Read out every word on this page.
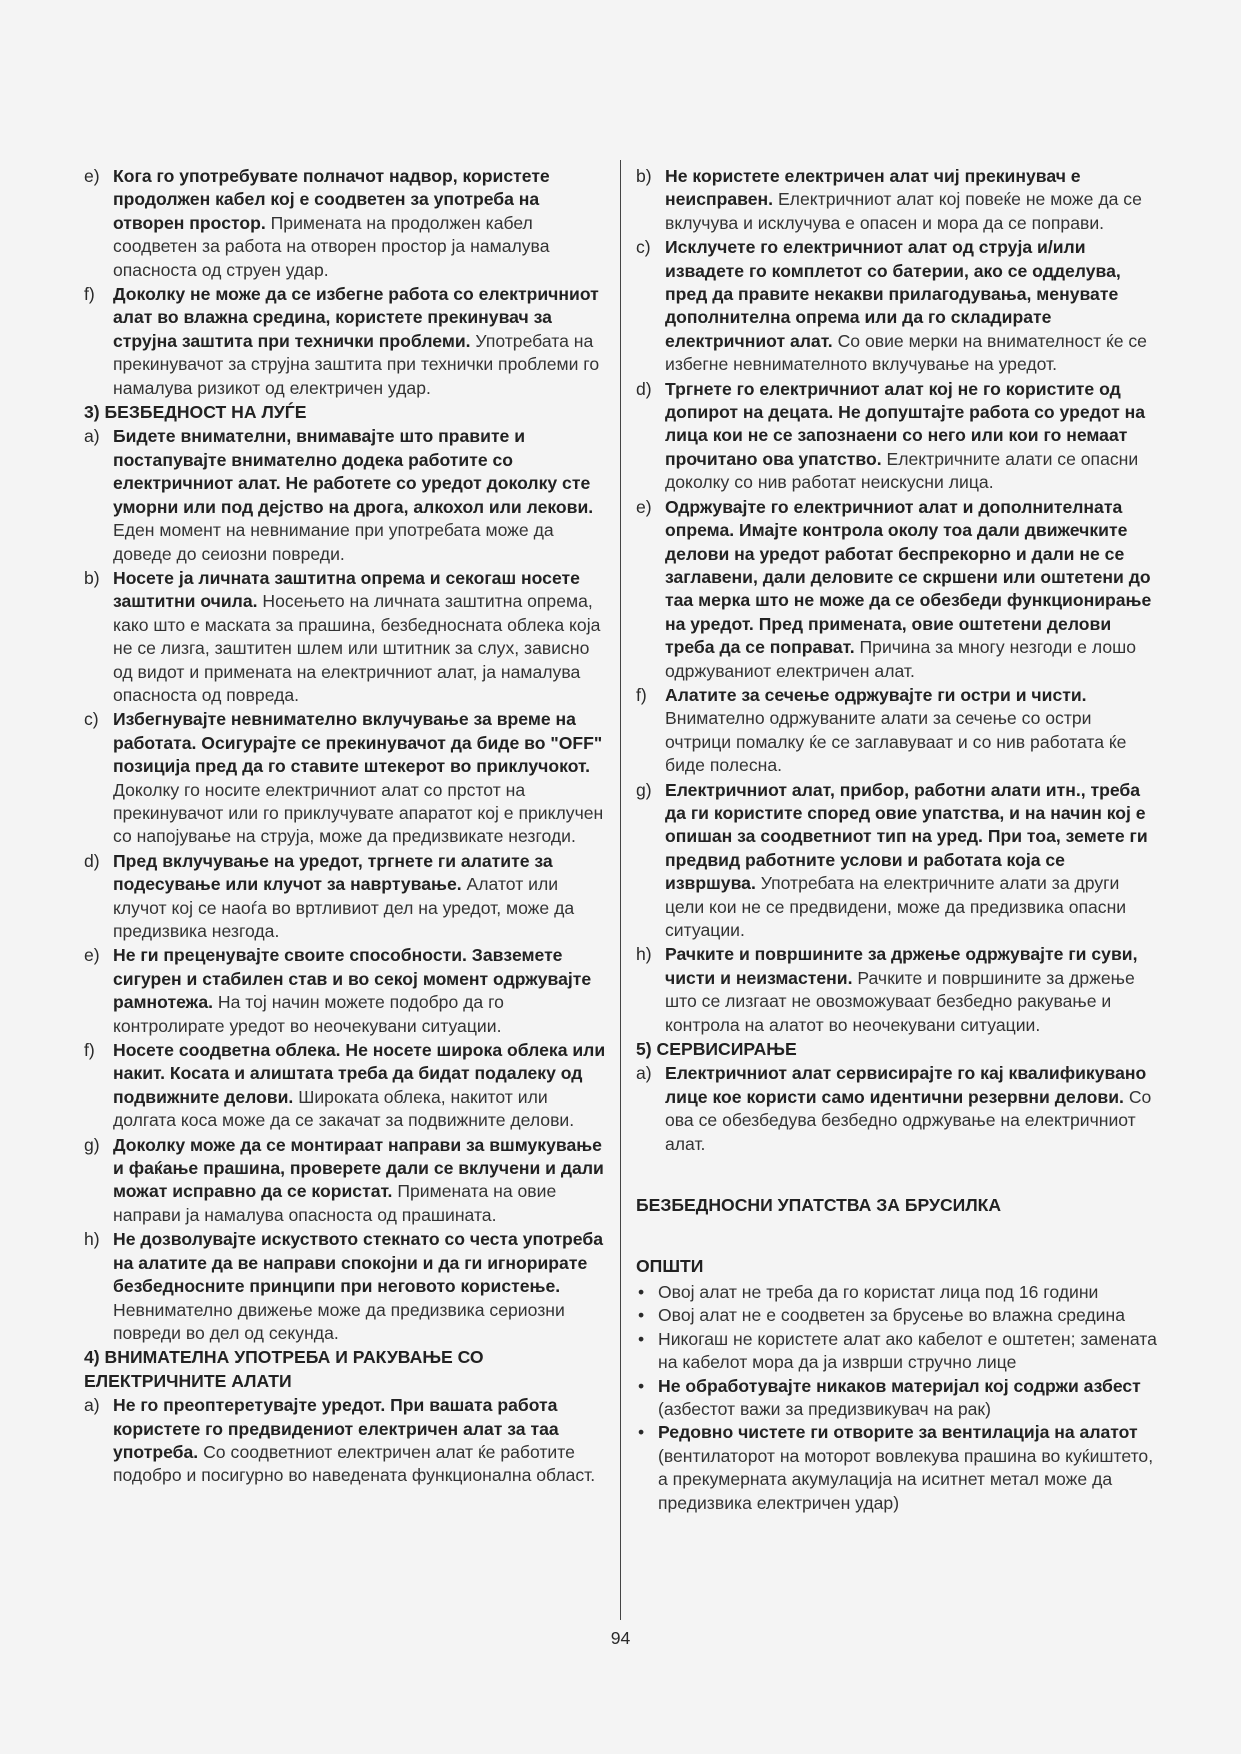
e) Кога го употребувате полначот надвор, користете продолжен кабел кој е соодветен за употреба на отворен простор. Примената на продолжен кабел соодветен за работа на отворен простор ја намалува опасноста од струен удар.
f) Доколку не може да се избегне работа со електричниот алат во влажна средина, користете прекинувач за струјна заштита при технички проблеми. Употребата на прекинувачот за струјна заштита при технички проблеми го намалува ризикот од електричен удар.
3) БЕЗБЕДНОСТ НА ЛУЃЕ
a) Бидете внимателни, внимавајте што правите и постапувајте внимателно додека работите со електричниот алат. Не работете со уредот доколку сте уморни или под дејство на дрога, алкохол или лекови. Еден момент на невнимание при употребата може да доведе до сеиозни повреди.
b) Носете ја личната заштитна опрема и секогаш носете заштитни очила. Носењето на личната заштитна опрема, како што е маската за прашина, безбедносната облека која не се лизга, заштитен шлем или штитник за слух, зависно од видот и примената на електричниот алат, ја намалува опасноста од повреда.
c) Избегнувајте невнимателно вклучување за време на работата. Осигурајте се прекинувачот да биде во "OFF" позиција пред да го ставите штекерот во приклучокот. Доколку го носите електричниот алат со прстот на прекинувачот или го приклучувате апаратот кој е приклучен со напојување на струја, може да предизвикате незгоди.
d) Пред вклучување на уредот, тргнете ги алатите за подесување или клучот за навртување. Алатот или клучот кој се наоѓа во вртливиот дел на уредот, може да предизвика незгода.
e) Не ги преценувајте своите способности. Завземете сигурен и стабилен став и во секој момент одржувајте рамнотежа. На тој начин можете подобро да го контролирате уредот во неочекувани ситуации.
f) Носете соодветна облека. Не носете широка облека или накит. Косата и алиштата треба да бидат подалеку од подвижните делови. Широката облека, накитот или долгата коса може да се закачат за подвижните делови.
g) Доколку може да се монтираат направи за вшмукување и фаќање прашина, проверете дали се вклучени и дали можат исправно да се користат. Примената на овие направи ја намалува опасноста од прашината.
h) Не дозволувајте искуството стекнато со честа употреба на алатите да ве направи спокојни и да ги игнорирате безбедносните принципи при неговото користење. Невнимателно движење може да предизвика сериозни повреди во дел од секунда.
4) ВНИМАТЕЛНА УПОТРЕБА И РАКУВАЊЕ СО ЕЛЕКТРИЧНИТЕ АЛАТИ
a) Не го преоптеретувајте уредот. При вашата работа користете го предвидениот електричен алат за таа употреба. Со соодветниот електричен алат ќе работите подобро и посигурно во наведената функционална област.
b) Не користете електричен алат чиј прекинувач е неисправен. Електричниот алат кој повеќе не може да се вклучува и исклучува е опасен и мора да се поправи.
c) Исклучете го електричниот алат од струја и/или извадете го комплетот со батерии, ако се одделува, пред да правите некакви прилагодувања, менувате дополнителна опрема или да го складирате електричниот алат. Со овие мерки на внимателност ќе се избегне невнимателното вклучување на уредот.
d) Тргнете го електричниот алат кој не го користите од допирот на децата. Не допуштајте работа со уредот на лица кои не се запознаени со него или кои го немаат прочитано ова упатство. Електричните алати се опасни доколку со нив работат неискусни лица.
e) Одржувајте го електричниот алат и дополнителната опрема. Имајте контрола околу тоа дали движечките делови на уредот работат беспрекорно и дали не се заглавени, дали деловите се скршени или оштетени до таа мерка што не може да се обезбеди функционирање на уредот. Пред примената, овие оштетени делови треба да се поправат. Причина за многу незгоди е лошо одржуваниот електричен алат.
f) Алатите за сечење одржувајте ги остри и чисти. Внимателно одржуваните алати за сечење со остри очтрици помалку ќе се заглавуваат и со нив работата ќе биде полесна.
g) Електричниот алат, прибор, работни алати итн., треба да ги користите според овие упатства, и на начин кој е опишан за соодветниот тип на уред. При тоа, земете ги предвид работните услови и работата која се извршува. Употребата на електричните алати за други цели кои не се предвидени, може да предизвика опасни ситуации.
h) Рачките и површините за држење одржувајте ги суви, чисти и неизмастени. Рачките и површините за држење што се лизгаат не овозможуваат безбедно ракување и контрола на алатот во неочекувани ситуации.
5) СЕРВИСИРАЊЕ
a) Електричниот алат сервисирајте го кај квалификувано лице кое користи само идентични резервни делови. Со ова се обезбедува безбедно одржување на електричниот алат.
БЕЗБЕДНОСНИ УПАТСТВА ЗА БРУСИЛКА
ОПШТИ
• Овој алат не треба да го користат лица под 16 години
• Овој алат не е соодветен за брусење во влажна средина
• Никогаш не користете алат ако кабелот е оштетен; замената на кабелот мора да ја изврши стручно лице
• Не обработувајте никаков материјал кој содржи азбест (азбестот важи за предизвикувач на рак)
• Редовно чистете ги отворите за вентилација на алатот (вентилаторот на моторот вовлекува прашина во куќиштето, а прекумерната акумулација на иситнет метал може да предизвика електричен удар)
94
